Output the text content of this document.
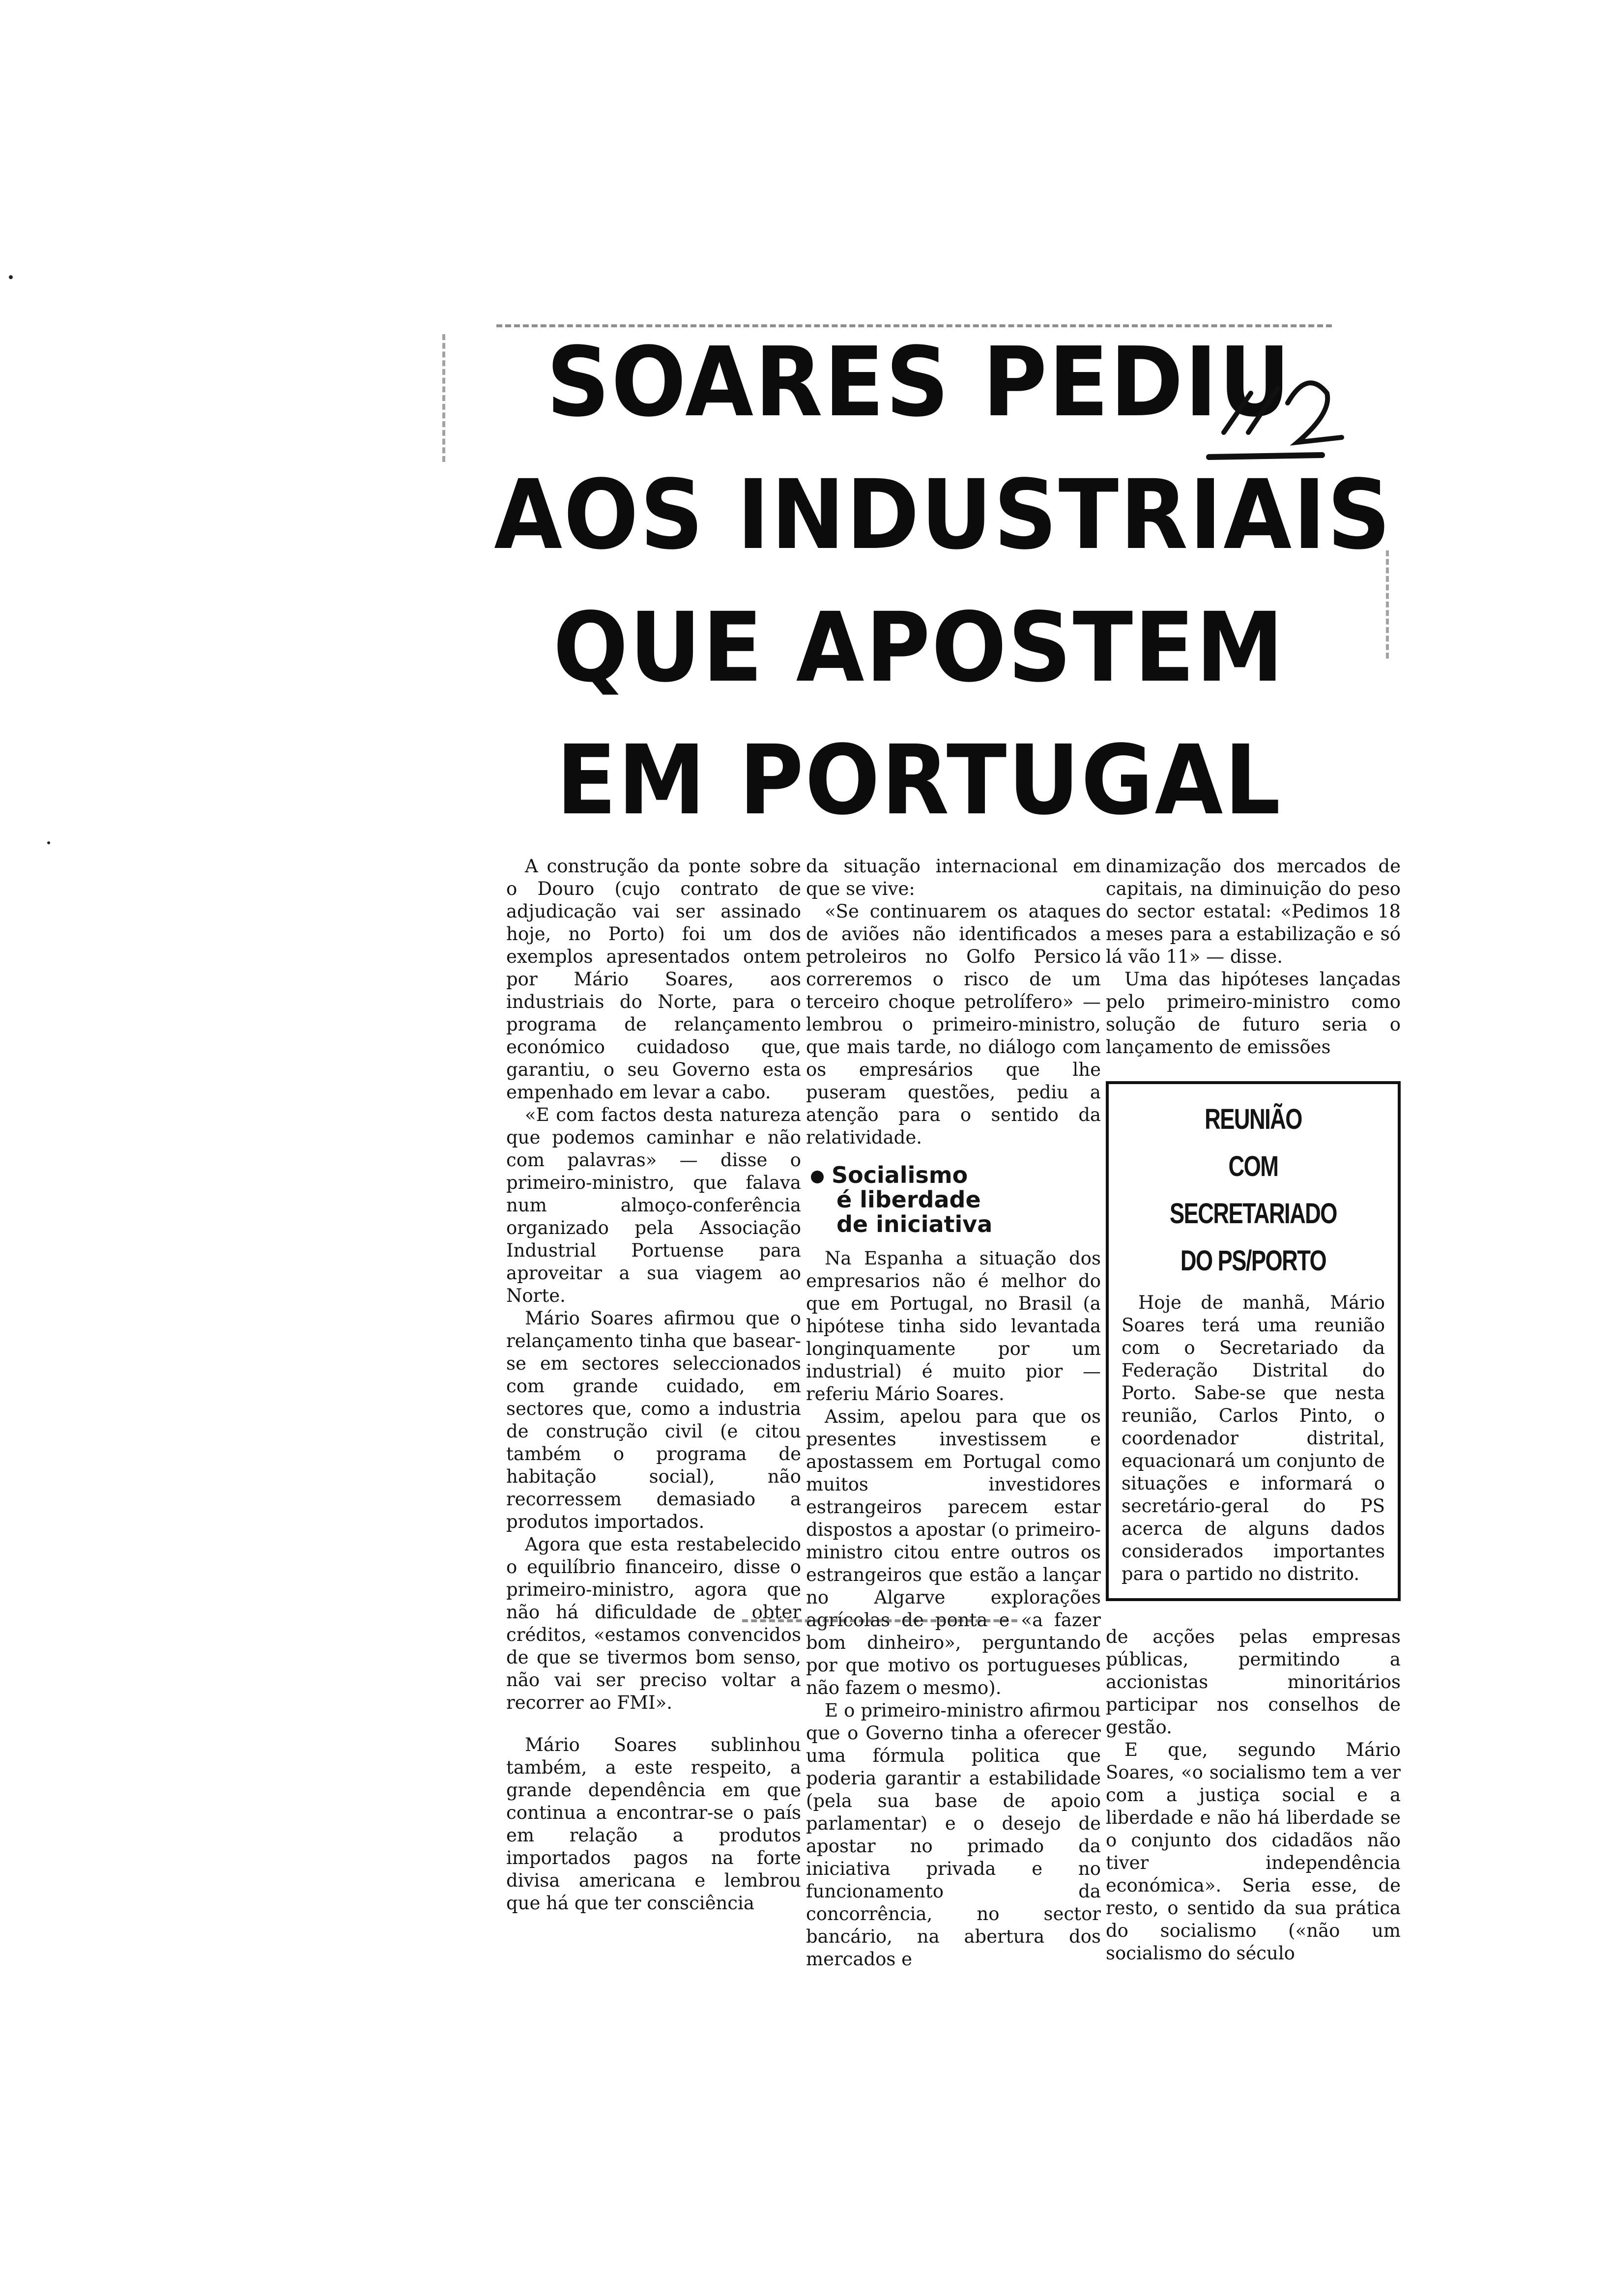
SOARES PEDIU
AOS INDUSTRIAIS
QUE APOSTEM
EM PORTUGAL

A construção da ponte sobre o Douro (cujo contrato de adjudicação vai ser assinado hoje, no Porto) foi um dos exemplos apresentados ontem por Mário Soares, aos industriais do Norte, para o programa de relançamento económico cuidadoso que, garantiu, o seu Governo esta empenhado em levar a cabo.

«E com factos desta natureza que podemos caminhar e não com palavras» — disse o primeiro-ministro, que falava num almoço-conferência organizado pela Associação Industrial Portuense para aproveitar a sua viagem ao Norte.

Mário Soares afirmou que o relançamento tinha que basear-se em sectores seleccionados com grande cuidado, em sectores que, como a industria de construção civil (e citou também o programa de habitação social), não recorressem demasiado a produtos importados.

Agora que esta restabelecido o equilíbrio financeiro, disse o primeiro-ministro, agora que não há dificuldade de obter créditos, «estamos convencidos de que se tivermos bom senso, não vai ser preciso voltar a recorrer ao FMI».

Mário Soares sublinhou também, a este respeito, a grande dependência em que continua a encontrar-se o país em relação a produtos importados pagos na forte divisa americana e lembrou que há que ter consciência

da situação internacional em que se vive:

«Se continuarem os ataques de aviões não identificados a petroleiros no Golfo Persico correremos o risco de um terceiro choque petrolífero» — lembrou o primeiro-ministro, que mais tarde, no diálogo com os empresários que lhe puseram questões, pediu a atenção para o sentido da relatividade.

Socialismo
é liberdade
de iniciativa

Na Espanha a situação dos empresarios não é melhor do que em Portugal, no Brasil (a hipótese tinha sido levantada longinquamente por um industrial) é muito pior — referiu Mário Soares.

Assim, apelou para que os presentes investissem e apostassem em Portugal como muitos investidores estrangeiros parecem estar dispostos a apostar (o primeiro-ministro citou entre outros os estrangeiros que estão a lançar no Algarve explorações agrícolas de ponta e «a fazer bom dinheiro», perguntando por que motivo os portugueses não fazem o mesmo).

E o primeiro-ministro afirmou que o Governo tinha a oferecer uma fórmula politica que poderia garantir a estabilidade (pela sua base de apoio parlamentar) e o desejo de apostar no primado da iniciativa privada e no funcionamento da concorrência, no sector bancário, na abertura dos mercados e

dinamização dos mercados de capitais, na diminuição do peso do sector estatal: «Pedimos 18 meses para a estabilização e só lá vão 11» — disse.

Uma das hipóteses lançadas pelo primeiro-ministro como solução de futuro seria o lançamento de emissões

REUNIÃO
COM SECRETARIADO
DO PS/PORTO

Hoje de manhã, Mário Soares terá uma reunião com o Secretariado da Federação Distrital do Porto. Sabe-se que nesta reunião, Carlos Pinto, o coordenador distrital, equacionará um conjunto de situações e informará o secretário-geral do PS acerca de alguns dados considerados importantes para o partido no distrito.

de acções pelas empresas públicas, permitindo a accionistas minoritários participar nos conselhos de gestão.

E que, segundo Mário Soares, «o socialismo tem a ver com a justiça social e a liberdade e não há liberdade se o conjunto dos cidadãos não tiver independência económica». Seria esse, de resto, o sentido da sua prática do socialismo («não um socialismo do século
